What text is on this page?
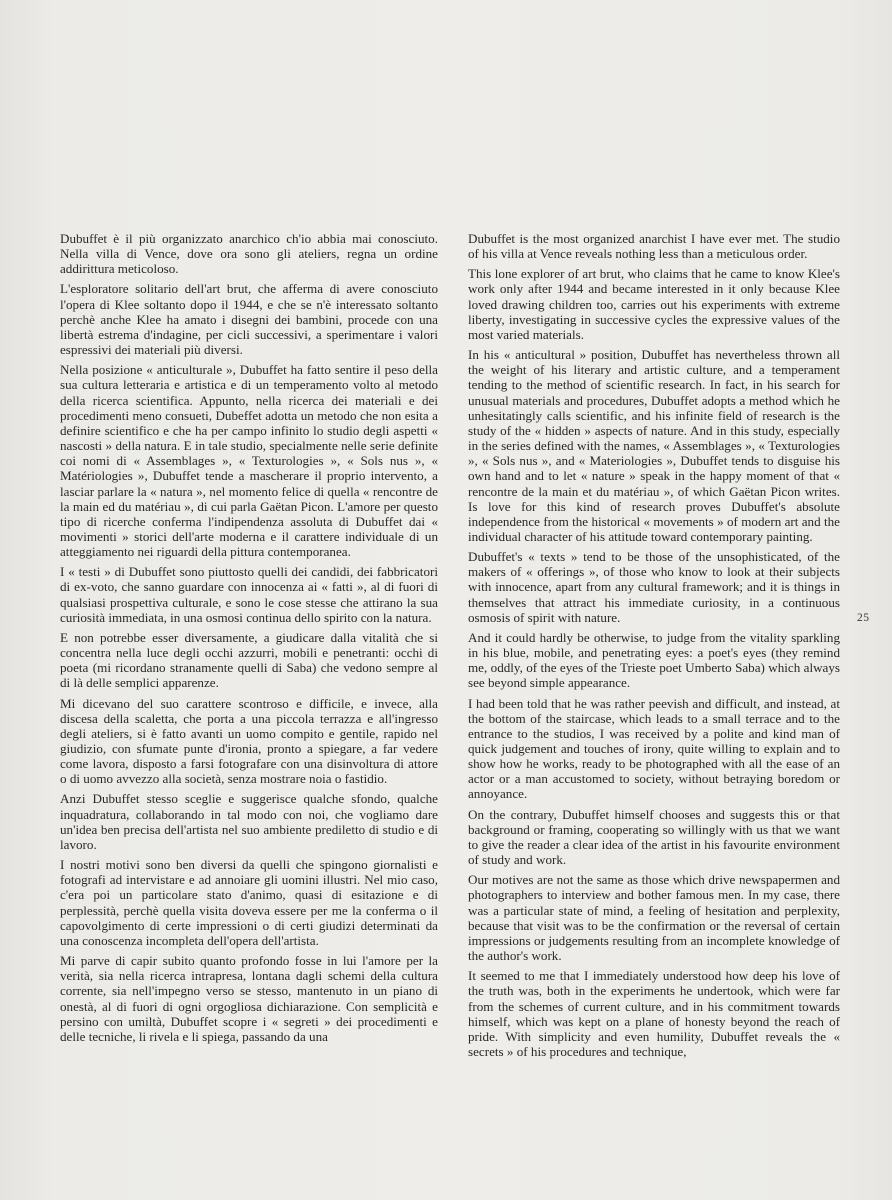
Dubuffet è il più organizzato anarchico ch'io abbia mai conosciuto. Nella villa di Vence, dove ora sono gli ateliers, regna un ordine addirittura meticoloso.

L'esploratore solitario dell'art brut, che afferma di avere conosciuto l'opera di Klee soltanto dopo il 1944, e che se n'è interessato soltanto perchè anche Klee ha amato i disegni dei bambini, procede con una libertà estrema d'indagine, per cicli successivi, a sperimentare i valori espressivi dei materiali più diversi.

Nella posizione « anticulturale », Dubuffet ha fatto sentire il peso della sua cultura letteraria e artistica e di un temperamento volto al metodo della ricerca scientifica. Appunto, nella ricerca dei materiali e dei procedimenti meno consueti, Dubeffet adotta un metodo che non esita a definire scientifico e che ha per campo infinito lo studio degli aspetti « nascosti » della natura. E in tale studio, specialmente nelle serie definite coi nomi di « Assemblages », « Texturologies », « Sols nus », « Matériologies », Dubuffet tende a mascherare il proprio intervento, a lasciar parlare la « natura », nel momento felice di quella « rencontre de la main ed du matériau », di cui parla Gaëtan Picon. L'amore per questo tipo di ricerche conferma l'indipendenza assoluta di Dubuffet dai « movimenti » storici dell'arte moderna e il carattere individuale di un atteggiamento nei riguardi della pittura contemporanea.

I « testi » di Dubuffet sono piuttosto quelli dei candidi, dei fabbricatori di ex-voto, che sanno guardare con innocenza ai « fatti », al di fuori di qualsiasi prospettiva culturale, e sono le cose stesse che attirano la sua curiosità immediata, in una osmosi continua dello spirito con la natura.

E non potrebbe esser diversamente, a giudicare dalla vitalità che si concentra nella luce degli occhi azzurri, mobili e penetranti: occhi di poeta (mi ricordano stranamente quelli di Saba) che vedono sempre al di là delle semplici apparenze.

Mi dicevano del suo carattere scontroso e difficile, e invece, alla discesa della scaletta, che porta a una piccola terrazza e all'ingresso degli ateliers, si è fatto avanti un uomo compito e gentile, rapido nel giudizio, con sfumate punte d'ironia, pronto a spiegare, a far vedere come lavora, disposto a farsi fotografare con una disinvoltura di attore o di uomo avvezzo alla società, senza mostrare noia o fastidio.

Anzi Dubuffet stesso sceglie e suggerisce qualche sfondo, qualche inquadratura, collaborando in tal modo con noi, che vogliamo dare un'idea ben precisa dell'artista nel suo ambiente prediletto di studio e di lavoro.

I nostri motivi sono ben diversi da quelli che spingono giornalisti e fotografi ad intervistare e ad annoiare gli uomini illustri. Nel mio caso, c'era poi un particolare stato d'animo, quasi di esitazione e di perplessità, perchè quella visita doveva essere per me la conferma o il capovolgimento di certe impressioni o di certi giudizi determinati da una conoscenza incompleta dell'opera dell'artista.

Mi parve di capir subito quanto profondo fosse in lui l'amore per la verità, sia nella ricerca intrapresa, lontana dagli schemi della cultura corrente, sia nell'impegno verso se stesso, mantenuto in un piano di onestà, al di fuori di ogni orgogliosa dichiarazione. Con semplicità e persino con umiltà, Dubuffet scopre i « segreti » dei procedimenti e delle tecniche, li rivela e li spiega, passando da una

Dubuffet is the most organized anarchist I have ever met. The studio of his villa at Vence reveals nothing less than a meticulous order.

This lone explorer of art brut, who claims that he came to know Klee's work only after 1944 and became interested in it only because Klee loved drawing children too, carries out his experiments with extreme liberty, investigating in successive cycles the expressive values of the most varied materials.

In his « anticultural » position, Dubuffet has nevertheless thrown all the weight of his literary and artistic culture, and a temperament tending to the method of scientific research. In fact, in his search for unusual materials and procedures, Dubuffet adopts a method which he unhesitatingly calls scientific, and his infinite field of research is the study of the « hidden » aspects of nature. And in this study, especially in the series defined with the names, « Assemblages », « Texturologies », « Sols nus », and « Materiologies », Dubuffet tends to disguise his own hand and to let « nature » speak in the happy moment of that « rencontre de la main et du matériau », of which Gaëtan Picon writes. Is love for this kind of research proves Dubuffet's absolute independence from the historical « movements » of modern art and the individual character of his attitude toward contemporary painting.

Dubuffet's « texts » tend to be those of the unsophisticated, of the makers of « offerings », of those who know to look at their subjects with innocence, apart from any cultural framework; and it is things in themselves that attract his immediate curiosity, in a continuous osmosis of spirit with nature.

And it could hardly be otherwise, to judge from the vitality sparkling in his blue, mobile, and penetrating eyes: a poet's eyes (they remind me, oddly, of the eyes of the Trieste poet Umberto Saba) which always see beyond simple appearance.

I had been told that he was rather peevish and difficult, and instead, at the bottom of the staircase, which leads to a small terrace and to the entrance to the studios, I was received by a polite and kind man of quick judgement and touches of irony, quite willing to explain and to show how he works, ready to be photographed with all the ease of an actor or a man accustomed to society, without betraying boredom or annoyance.

On the contrary, Dubuffet himself chooses and suggests this or that background or framing, cooperating so willingly with us that we want to give the reader a clear idea of the artist in his favourite environment of study and work.

Our motives are not the same as those which drive newspapermen and photographers to interview and bother famous men. In my case, there was a particular state of mind, a feeling of hesitation and perplexity, because that visit was to be the confirmation or the reversal of certain impressions or judgements resulting from an incomplete knowledge of the author's work.

It seemed to me that I immediately understood how deep his love of the truth was, both in the experiments he undertook, which were far from the schemes of current culture, and in his commitment towards himself, which was kept on a plane of honesty beyond the reach of pride. With simplicity and even humility, Dubuffet reveals the « secrets » of his procedures and technique,

25
